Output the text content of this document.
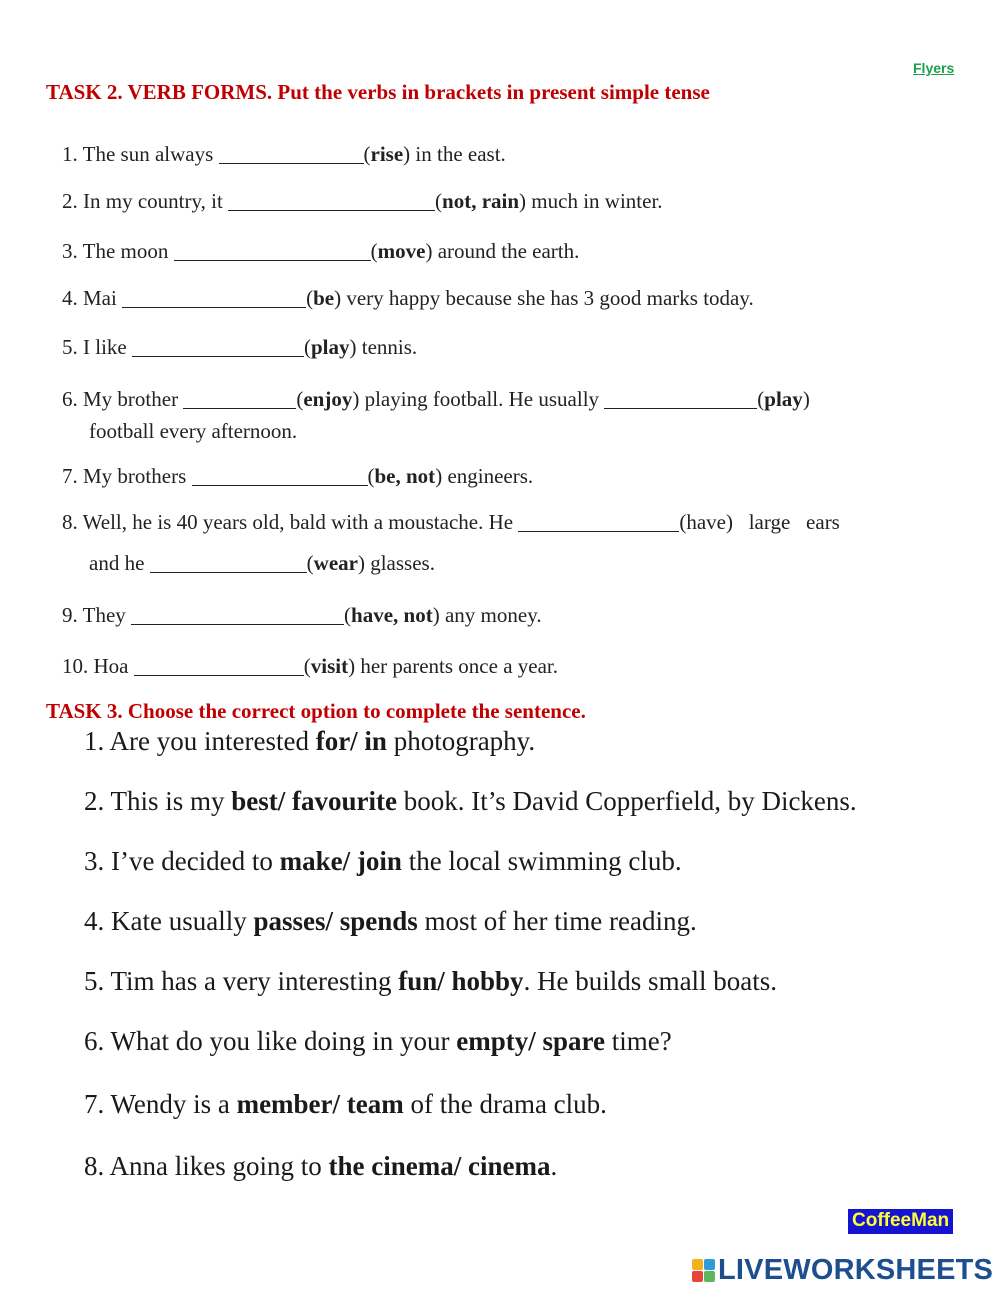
Flyers
TASK 2. VERB FORMS. Put the verbs in brackets in present simple tense
1. The sun always	(rise) in the east.
2. In my country, it	(not, rain) much in winter.
3. The moon	(move) around the earth.
4. Mai	(be) very happy because she has 3 good marks today.
5. I like	(play) tennis.
6. My brother	(enjoy) playing football. He usually	(play)
football every afternoon.
7. My brothers	(be, not) engineers.
8. Well, he is 40 years old, bald with a moustache. He	(have)   large   ears
and he	(wear) glasses.
9. They	(have, not) any money.
10. Hoa	(visit) her parents once a year.
TASK 3. Choose the correct option to complete the sentence.
1. Are you interested for/ in photography.
2. This is my best/ favourite book. It’s David Copperfield, by Dickens.
3. I’ve decided to make/ join the local swimming club.
4. Kate usually passes/ spends most of her time reading.
5. Tim has a very interesting fun/ hobby. He builds small boats.
6. What do you like doing in your empty/ spare time?
7. Wendy is a member/ team of the drama club.
8. Anna likes going to the cinema/ cinema.
CoffeeMan
LIVEWORKSHEETS
